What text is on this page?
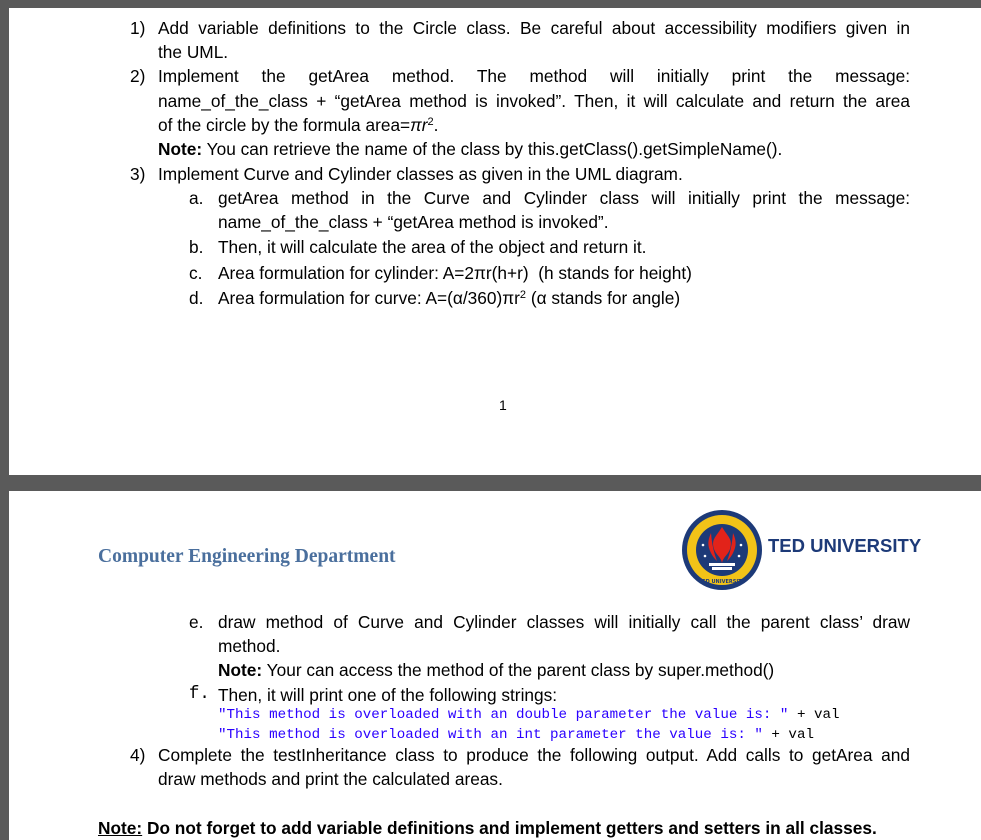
1) Add variable definitions to the Circle class. Be careful about accessibility modifiers given in
the UML.
2) Implement the getArea method. The method will initially print the message:
name_of_the_class + “getArea method is invoked”. Then, it will calculate and return the area
of the circle by the formula $area=\pi r^2$.
Note: You can retrieve the name of the class by this.getClass().getSimpleName().
3) Implement Curve and Cylinder classes as given in the UML diagram.
a. getArea method in the Curve and Cylinder class will initially print the message:
name_of_the_class + “getArea method is invoked”.
b. Then, it will calculate the area of the object and return it.
c. Area formulation for cylinder: A=2πr(h+r)  (h stands for height)
d. Area formulation for curve: $A=(\alpha/360)\pi r^2$ (α stands for angle)
1
Computer Engineering Department
TED UNIVERSITY
TED UNIVERSITY
e. draw method of Curve and Cylinder classes will initially call the parent class’ draw
method.
Note: Your can access the method of the parent class by super.method()
f. Then, it will print one of the following strings:
"This method is overloaded with an double parameter the value is: " + val
"This method is overloaded with an int parameter the value is: " + val
4) Complete the testInheritance class to produce the following output. Add calls to getArea and
draw methods and print the calculated areas.
Note: Do not forget to add variable definitions and implement getters and setters in all classes.
